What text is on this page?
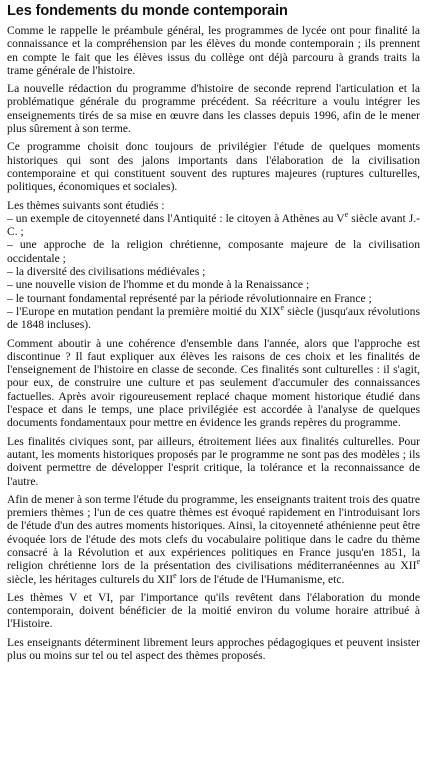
Les fondements du monde contemporain

Comme le rappelle le préambule général, les programmes de lycée ont pour finalité la connaissance et la compréhension par les élèves du monde contemporain ; ils prennent en compte le fait que les élèves issus du collège ont déjà parcouru à grands traits la trame générale de l'histoire.

La nouvelle rédaction du programme d'histoire de seconde reprend l'articulation et la problématique générale du programme précédent. Sa réécriture a voulu intégrer les enseignements tirés de sa mise en œuvre dans les classes depuis 1996, afin de le mener plus sûrement à son terme.

Ce programme choisit donc toujours de privilégier l'étude de quelques moments historiques qui sont des jalons importants dans l'élaboration de la civilisation contemporaine et qui constituent souvent des ruptures majeures (ruptures culturelles, politiques, économiques et sociales).

Les thèmes suivants sont étudiés :

– un exemple de citoyenneté dans l'Antiquité : le citoyen à Athènes au Ve siècle avant J.-C. ;
– une approche de la religion chrétienne, composante majeure de la civilisation occidentale ;
– la diversité des civilisations médiévales ;
– une nouvelle vision de l'homme et du monde à la Renaissance ;
– le tournant fondamental représenté par la période révolutionnaire en France ;
– l'Europe en mutation pendant la première moitié du XIXe siècle (jusqu'aux révolutions de 1848 incluses).

Comment aboutir à une cohérence d'ensemble dans l'année, alors que l'approche est discontinue ? Il faut expliquer aux élèves les raisons de ces choix et les finalités de l'enseignement de l'histoire en classe de seconde. Ces finalités sont culturelles : il s'agit, pour eux, de construire une culture et pas seulement d'accumuler des connaissances factuelles. Après avoir rigoureusement replacé chaque moment historique étudié dans l'espace et dans le temps, une place privilégiée est accordée à l'analyse de quelques documents fondamentaux pour mettre en évidence les grands repères du programme.

Les finalités civiques sont, par ailleurs, étroitement liées aux finalités culturelles. Pour autant, les moments historiques proposés par le programme ne sont pas des modèles ; ils doivent permettre de développer l'esprit critique, la tolérance et la reconnaissance de l'autre.

Afin de mener à son terme l'étude du programme, les enseignants traitent trois des quatre premiers thèmes ; l'un de ces quatre thèmes est évoqué rapidement en l'introduisant lors de l'étude d'un des autres moments historiques. Ainsi, la citoyenneté athénienne peut être évoquée lors de l'étude des mots clefs du vocabulaire politique dans le cadre du thème consacré à la Révolution et aux expériences politiques en France jusqu'en 1851, la religion chrétienne lors de la présentation des civilisations méditerranéennes au XIIe siècle, les héritages culturels du XIIe lors de l'étude de l'Humanisme, etc.

Les thèmes V et VI, par l'importance qu'ils revêtent dans l'élaboration du monde contemporain, doivent bénéficier de la moitié environ du volume horaire attribué à l'Histoire.

Les enseignants déterminent librement leurs approches pédagogiques et peuvent insister plus ou moins sur tel ou tel aspect des thèmes proposés.
